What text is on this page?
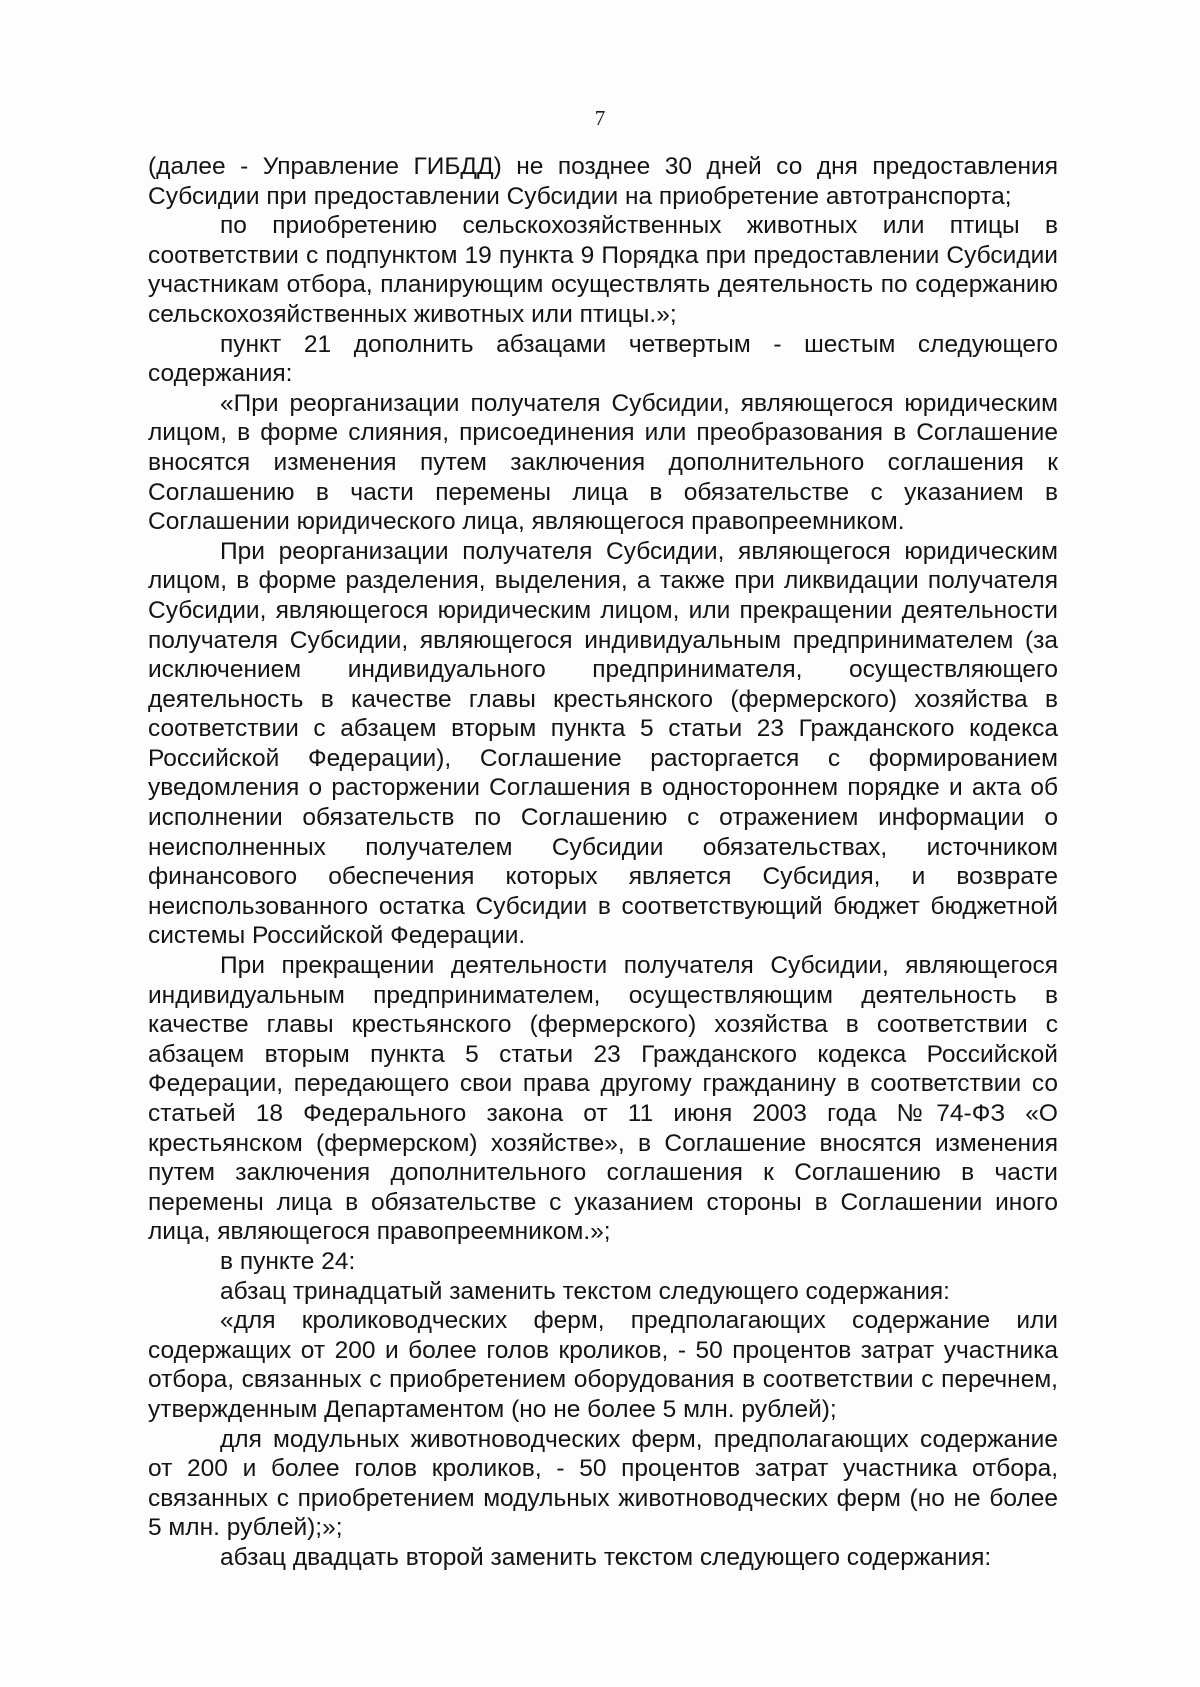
7

(далее - Управление ГИБДД) не позднее 30 дней со дня предоставления Субсидии при предоставлении Субсидии на приобретение автотранспорта;

по приобретению сельскохозяйственных животных или птицы в соответствии с подпунктом 19 пункта 9 Порядка при предоставлении Субсидии участникам отбора, планирующим осуществлять деятельность по содержанию сельскохозяйственных животных или птицы.»;

пункт 21 дополнить абзацами четвертым - шестым следующего содержания:

«При реорганизации получателя Субсидии, являющегося юридическим лицом, в форме слияния, присоединения или преобразования в Соглашение вносятся изменения путем заключения дополнительного соглашения к Соглашению в части перемены лица в обязательстве с указанием в Соглашении юридического лица, являющегося правопреемником.

При реорганизации получателя Субсидии, являющегося юридическим лицом, в форме разделения, выделения, а также при ликвидации получателя Субсидии, являющегося юридическим лицом, или прекращении деятельности получателя Субсидии, являющегося индивидуальным предпринимателем (за исключением индивидуального предпринимателя, осуществляющего деятельность в качестве главы крестьянского (фермерского) хозяйства в соответствии с абзацем вторым пункта 5 статьи 23 Гражданского кодекса Российской Федерации), Соглашение расторгается с формированием уведомления о расторжении Соглашения в одностороннем порядке и акта об исполнении обязательств по Соглашению с отражением информации о неисполненных получателем Субсидии обязательствах, источником финансового обеспечения которых является Субсидия, и возврате неиспользованного остатка Субсидии в соответствующий бюджет бюджетной системы Российской Федерации.

При прекращении деятельности получателя Субсидии, являющегося индивидуальным предпринимателем, осуществляющим деятельность в качестве главы крестьянского (фермерского) хозяйства в соответствии с абзацем вторым пункта 5 статьи 23 Гражданского кодекса Российской Федерации, передающего свои права другому гражданину в соответствии со статьей 18 Федерального закона от 11 июня 2003 года №74-ФЗ «О крестьянском (фермерском) хозяйстве», в Соглашение вносятся изменения путем заключения дополнительного соглашения к Соглашению в части перемены лица в обязательстве с указанием стороны в Соглашении иного лица, являющегося правопреемником.»;

в пункте 24:

абзац тринадцатый заменить текстом следующего содержания:

«для кролиководческих ферм, предполагающих содержание или содержащих от 200 и более голов кроликов, - 50 процентов затрат участника отбора, связанных с приобретением оборудования в соответствии с перечнем, утвержденным Департаментом (но не более 5 млн. рублей);

для модульных животноводческих ферм, предполагающих содержание от 200 и более голов кроликов, - 50 процентов затрат участника отбора, связанных с приобретением модульных животноводческих ферм (но не более 5 млн. рублей);»;

абзац двадцать второй заменить текстом следующего содержания:
